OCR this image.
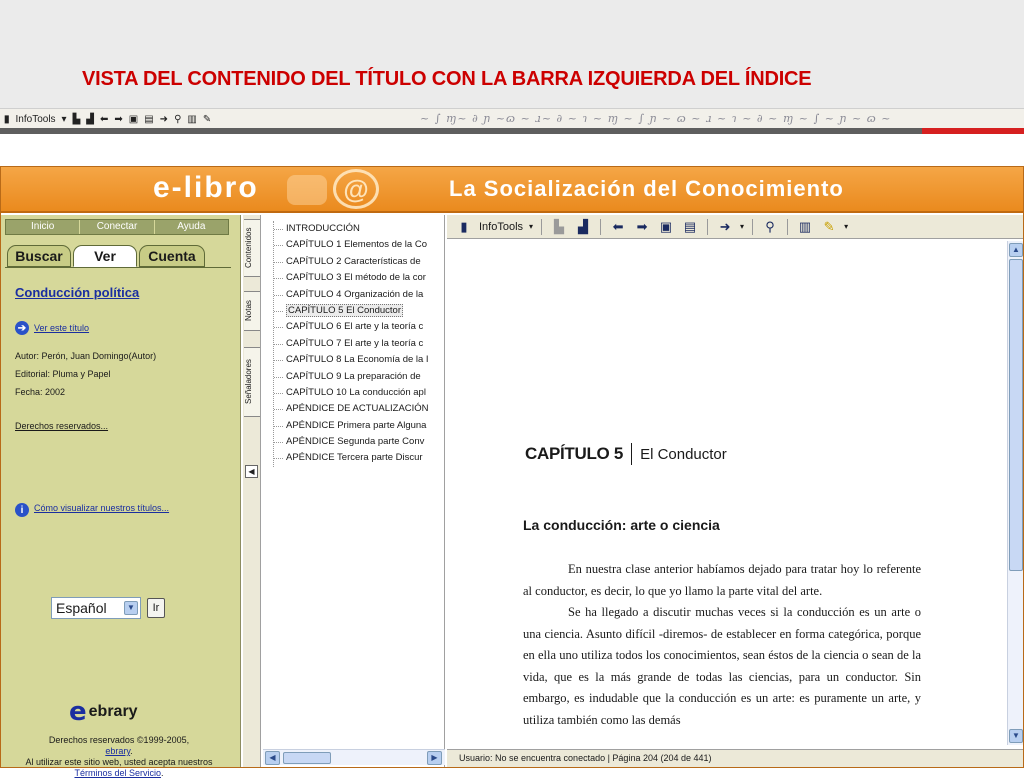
VISTA DEL CONTENIDO DEL TÍTULO CON LA BARRA IZQUIERDA DEL ÍNDICE
▮ InfoTools ▾ ▙ ▟ ⬅ ➡ ▣ ▤ ➜ ⚲ ▥ ✎	~ ∫ ɱ~ ∂ ɲ ~ɷ ~ ɹ~ ∂ ~ ɿ ~ ɱ ~ ∫ ɲ ~ ɷ ~ ɹ ~ ɿ ~ ∂ ~ ɱ ~ ∫ ~ ɲ ~ ɷ ~
e-libro	@	La Socialización del Conocimiento
Inicio	Conectar	Ayuda
Buscar	Ver	Cuenta
Conducción política
➔ Ver este título
Autor: Perón, Juan Domingo(Autor)
Editorial: Pluma y Papel
Fecha: 2002
Derechos reservados...
i	Cómo visualizar nuestros títulos...
Español	▼	Ir
e ebrary
Derechos reservados ©1999-2005,
ebrary.
Al utilizar este sitio web, usted acepta nuestros
Términos del Servicio.
Contenidos
Notas
Señaladores
◀
INTRODUCCIÓN
CAPÍTULO 1 Elementos de la Co
CAPÍTULO 2 Características de
CAPÍTULO 3 El método de la cor
CAPÍTULO 4 Organización de la
CAPÍTULO 5 El Conductor
CAPÍTULO 6 El arte y la teoría c
CAPÍTULO 7 El arte y la teoría c
CAPÍTULO 8 La Economía de la I
CAPÍTULO 9 La preparación de
CAPÍTULO 10 La conducción apl
APÉNDICE DE ACTUALIZACIÓN
APÉNDICE Primera parte Alguna
APÉNDICE Segunda parte Conv
APÉNDICE Tercera parte Discur
◀	▶
▮	InfoTools ▾	▙	▟	⬅ ➡ ▣ ▤ ➜	▾	⚲	▥ ✎	▾
CAPÍTULO 5 El Conductor
La conducción: arte o ciencia

En nuestra clase anterior habíamos dejado para tratar hoy lo referente al conductor, es decir, lo que yo llamo la parte vital del arte.

Se ha llegado a discutir muchas veces si la conducción es un arte o una ciencia. Asunto difícil -diremos- de establecer en forma categórica, porque en ella uno utiliza todos los conocimientos, sean éstos de la ciencia o sean de la vida, que es la más grande de todas las ciencias, para un conductor. Sin embargo, es indudable que la conducción es un arte: es puramente un arte, y utiliza también como las demás

▲
▼
Usuario: No se encuentra conectado | Página 204 (204 de 441)
